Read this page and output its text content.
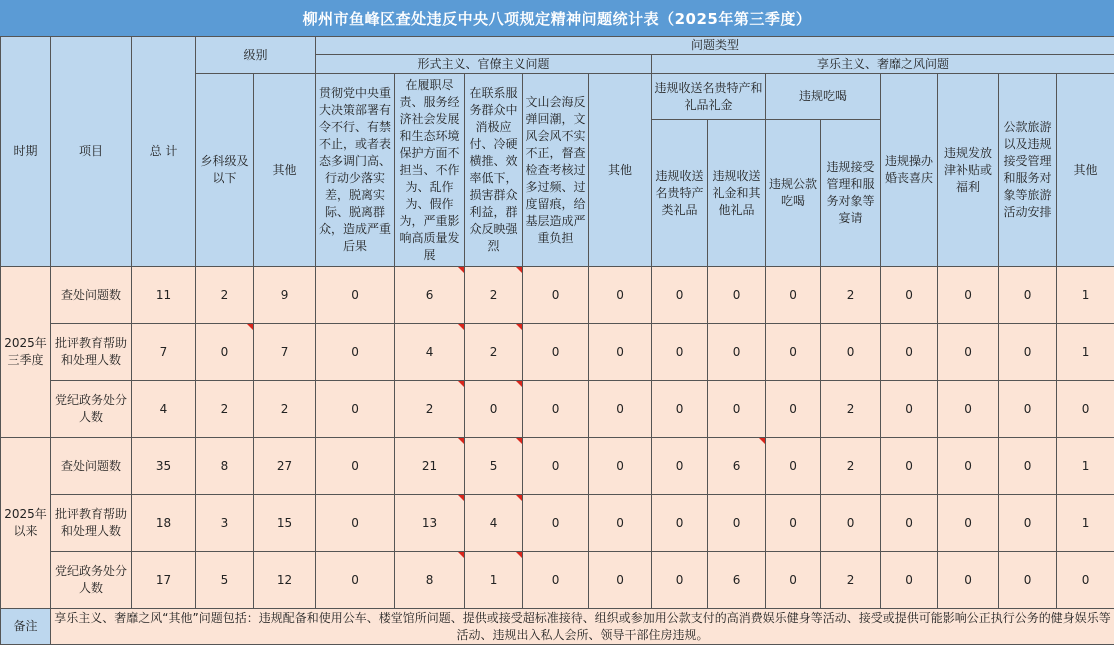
柳州市鱼峰区查处违反中央八项规定精神问题统计表（2025年第三季度）
时期	项目	总 计	级别		问题类型												
					形式主义、官僚主义问题					享乐主义、奢靡之风问题							
			乡科级及以下	其他	贯彻党中央重大决策部署有令不行、有禁不止，或者表态多调门高、行动少落实差，脱离实际、脱离群众，造成严重后果	在履职尽责、服务经济社会发展和生态环境保护方面不担当、不作为、乱作为、假作为，严重影响高质量发展	在联系服务群众中消极应付、冷硬横推、效率低下，损害群众利益，群众反映强烈	文山会海反弹回潮，文风会风不实不正，督查检查考核过多过频、过度留痕，给基层造成严重负担	其他	违规收送名贵特产和礼品礼金		违规吃喝		违规操办婚丧喜庆	违规发放津补贴或福利	公款旅游以及违规接受管理和服务对象等旅游活动安排	其他
										违规收送名贵特产类礼品	违规收送礼金和其他礼品	违规公款吃喝	违规接受管理和服务对象等宴请				
2025年三季度	查处问题数	11	2	9	0	6	2	0	0	0	0	0	2	0	0	0	1
	批评教育帮助和处理人数	7	0	7	0	4	2	0	0	0	0	0	0	0	0	0	1
	党纪政务处分人数	4	2	2	0	2	0	0	0	0	0	0	2	0	0	0	0
2025年以来	查处问题数	35	8	27	0	21	5	0	0	0	6	0	2	0	0	0	1
	批评教育帮助和处理人数	18	3	15	0	13	4	0	0	0	0	0	0	0	0	0	1
	党纪政务处分人数	17	5	12	0	8	1	0	0	0	6	0	2	0	0	0	0
备注	享乐主义、奢靡之风“其他”问题包括：违规配备和使用公车、楼堂馆所问题、提供或接受超标准接待、组织或参加用公款支付的高消费娱乐健身等活动、接受或提供可能影响公正执行公务的健身娱乐等活动、违规出入私人会所、领导干部住房违规。																
